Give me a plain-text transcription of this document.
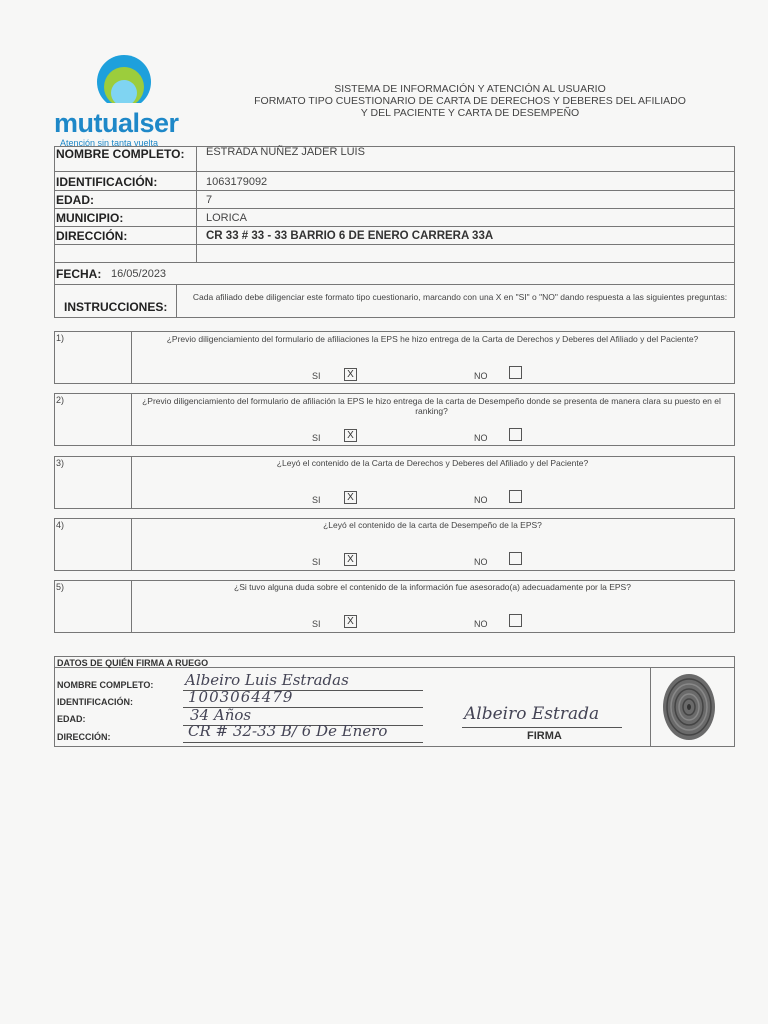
mutualser
Atención sin tanta vuelta
SISTEMA DE INFORMACIÓN Y ATENCIÓN AL USUARIO
FORMATO TIPO CUESTIONARIO DE CARTA DE DERECHOS Y DEBERES DEL AFILIADO
Y DEL PACIENTE Y CARTA DE DESEMPEÑO
NOMBRE COMPLETO: ESTRADA NUÑEZ JADER LUIS
IDENTIFICACIÓN:	1063179092
EDAD:	7
MUNICIPIO:	LORICA
DIRECCIÓN:	CR 33 # 33 - 33 BARRIO 6 DE ENERO CARRERA 33A
FECHA: 16/05/2023
INSTRUCCIONES:
Cada afiliado debe diligenciar este formato tipo cuestionario, marcando con una X en "SI" o "NO" dando respuesta a las siguientes preguntas:
1)	¿Previo diligenciamiento del formulario de afiliaciones la EPS he hizo entrega de la Carta de Derechos y Deberes del Afiliado y del Paciente?
SI	X	NO
2)	¿Previo diligenciamiento del formulario de afiliación la EPS le hizo entrega de la carta de Desempeño donde se presenta de manera clara su puesto en el ranking?
SI	X	NO
3)	¿Leyó el contenido de la Carta de Derechos y Deberes del Afiliado y del Paciente?
SI	X	NO
4)	¿Leyó el contenido de la carta de Desempeño de la EPS?
SI	X	NO
5)	¿Si tuvo alguna duda sobre el contenido de la información fue asesorado(a) adecuadamente por la EPS?
SI	X	NO
DATOS DE QUIÉN FIRMA A RUEGO
NOMBRE COMPLETO: Albeiro Luis Estradas
IDENTIFICACIÓN:	1003064479
EDAD:	34 Años
DIRECCIÓN:	CR # 32-33 B/ 6 De Enero
Albeiro Estrada
FIRMA
